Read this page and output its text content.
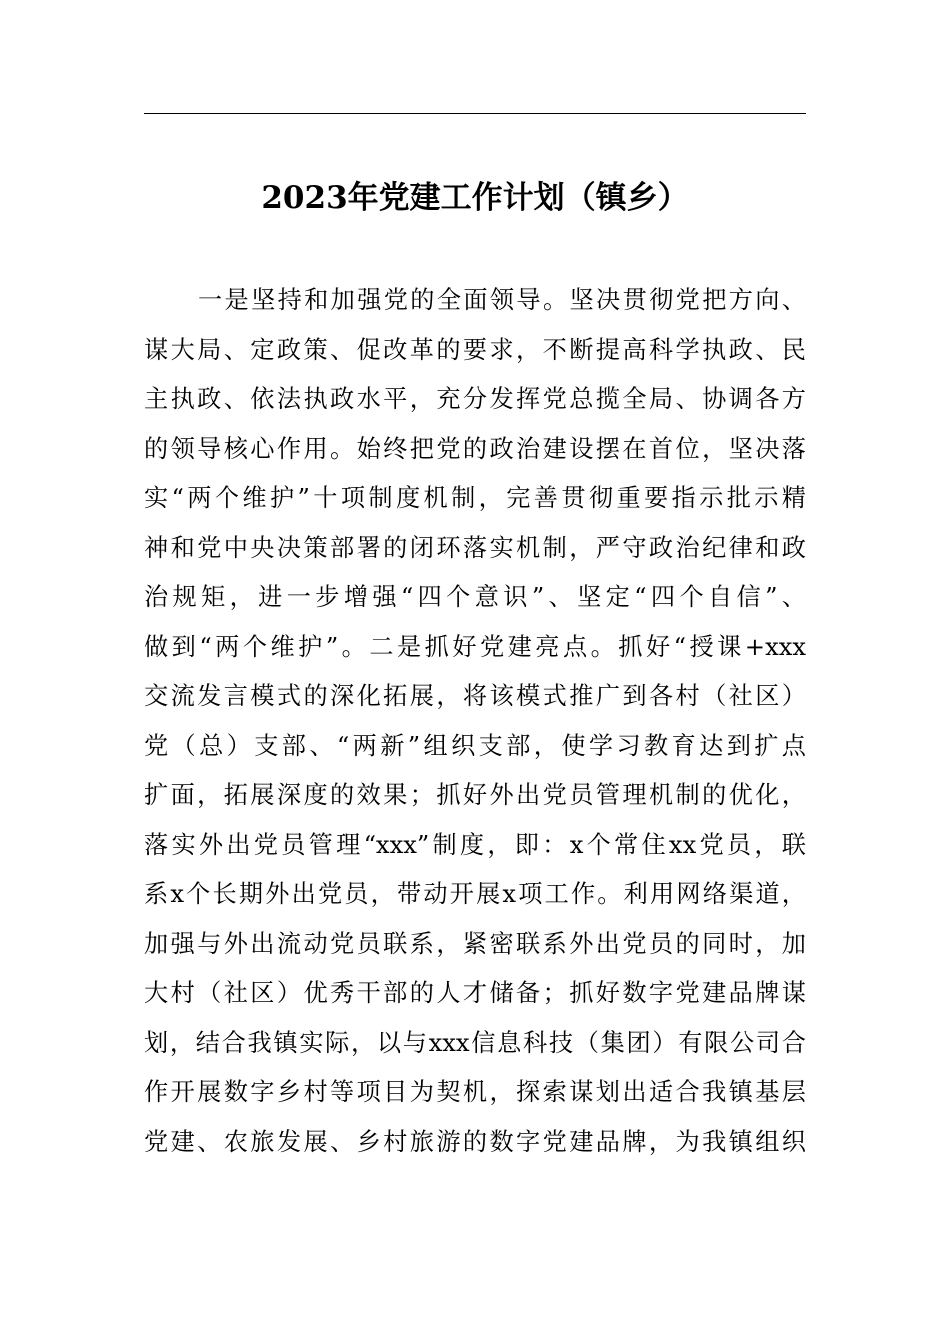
2023年党建工作计划（镇乡）
一是坚持和加强党的全面领导。坚决贯彻党把方向、
谋大局、定政策、促改革的要求，不断提高科学执政、民
主执政、依法执政水平，充分发挥党总揽全局、协调各方
的领导核心作用。始终把党的政治建设摆在首位，坚决落
实“两个维护”十项制度机制，完善贯彻重要指示批示精
神和党中央决策部署的闭环落实机制，严守政治纪律和政
治规矩，进一步增强“四个意识”、坚定“四个自信”、
做到“两个维护”。二是抓好党建亮点。抓好“授课+xxx
交流发言模式的深化拓展，将该模式推广到各村（社区）
党（总）支部、“两新”组织支部，使学习教育达到扩点
扩面，拓展深度的效果；抓好外出党员管理机制的优化，
落实外出党员管理“xxx”制度，即：x个常住xx党员，联
系x个长期外出党员，带动开展x项工作。利用网络渠道，
加强与外出流动党员联系，紧密联系外出党员的同时，加
大村（社区）优秀干部的人才储备；抓好数字党建品牌谋
划，结合我镇实际，以与xxx信息科技（集团）有限公司合
作开展数字乡村等项目为契机，探索谋划出适合我镇基层
党建、农旅发展、乡村旅游的数字党建品牌，为我镇组织
